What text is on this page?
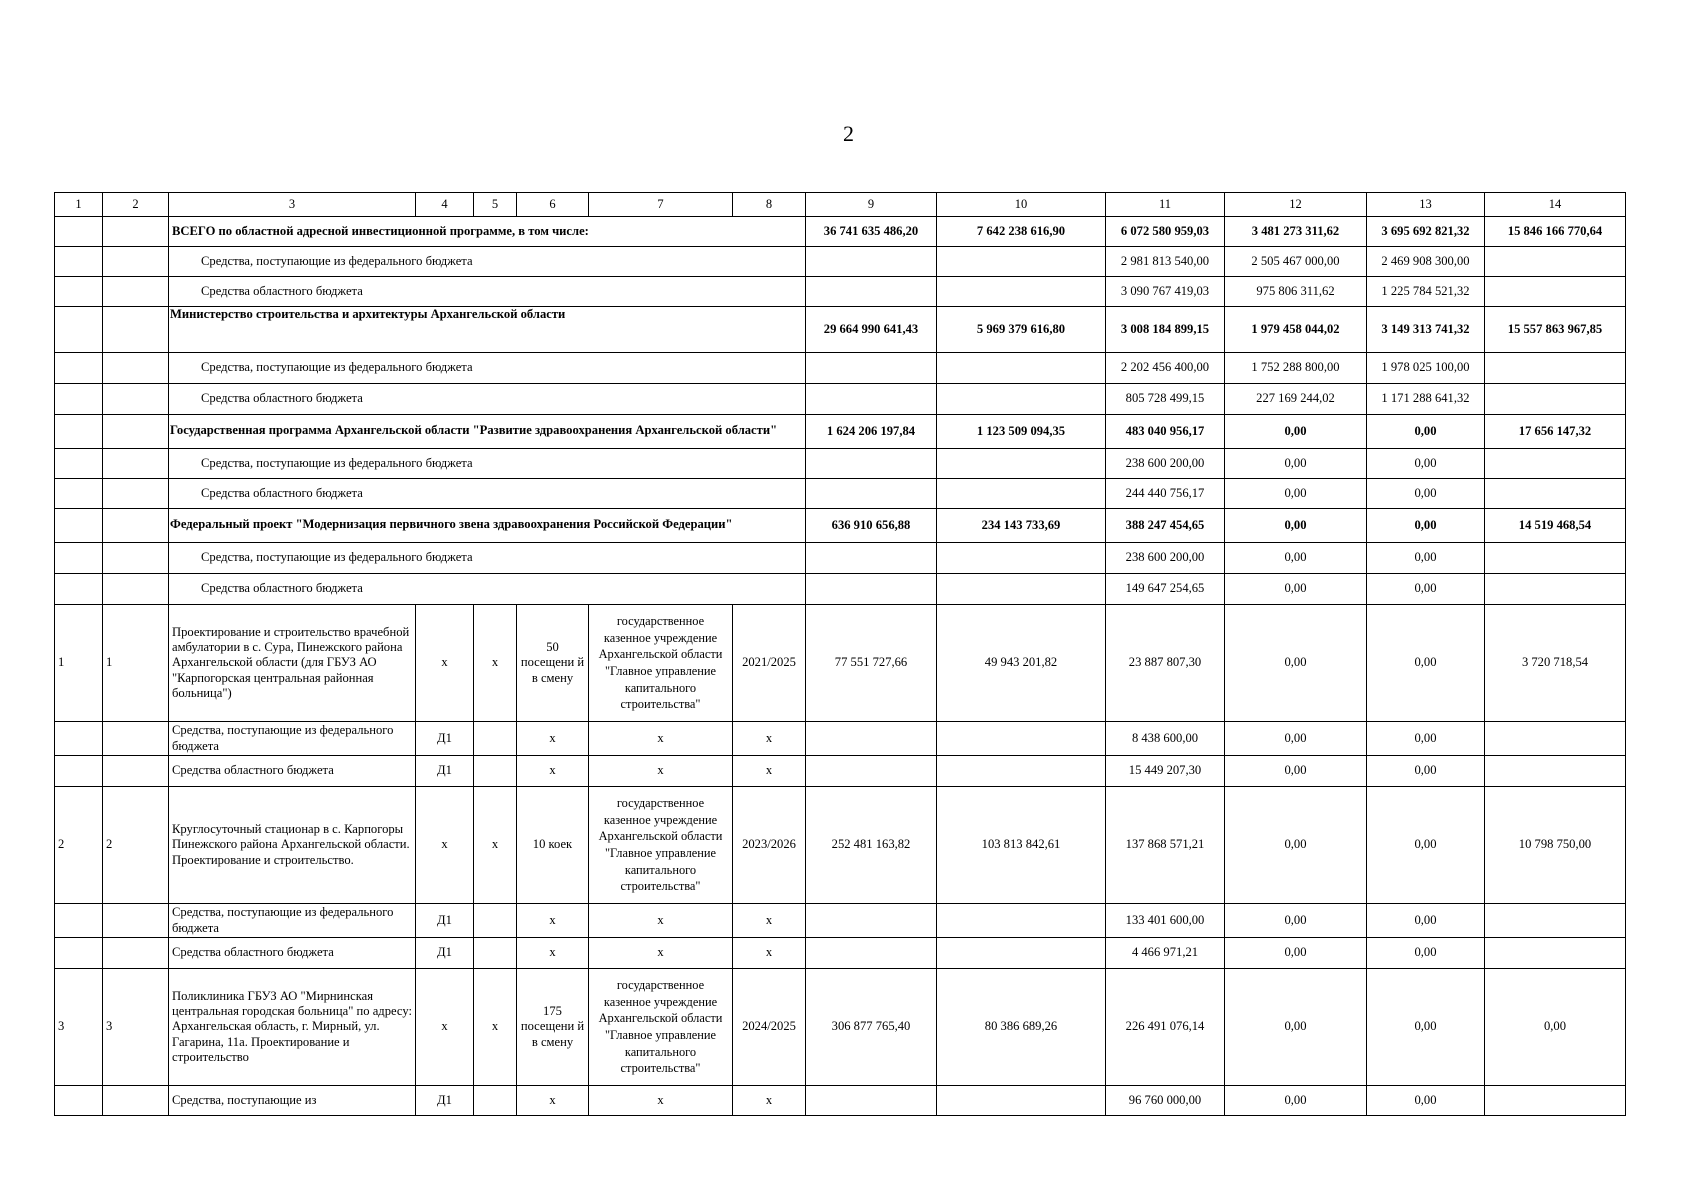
2
1	2	3	4	5	6	7	8	9	10	11	12	13	14
		ВСЕГО по областной адресной инвестиционной программе, в том числе:						36 741 635 486,20	7 642 238 616,90	6 072 580 959,03	3 481 273 311,62	3 695 692 821,32	15 846 166 770,64
		Средства, поступающие из федерального бюджета								2 981 813 540,00	2 505 467 000,00	2 469 908 300,00	
		Средства областного бюджета								3 090 767 419,03	975 806 311,62	1 225 784 521,32	
		Министерство строительства и архитектуры Архангельской области						29 664 990 641,43	5 969 379 616,80	3 008 184 899,15	1 979 458 044,02	3 149 313 741,32	15 557 863 967,85
		Средства, поступающие из федерального бюджета								2 202 456 400,00	1 752 288 800,00	1 978 025 100,00	
		Средства областного бюджета								805 728 499,15	227 169 244,02	1 171 288 641,32	
		Государственная программа Архангельской области "Развитие здравоохранения Архангельской области"						1 624 206 197,84	1 123 509 094,35	483 040 956,17	0,00	0,00	17 656 147,32
		Средства, поступающие из федерального бюджета								238 600 200,00	0,00	0,00	
		Средства областного бюджета								244 440 756,17	0,00	0,00	
		Федеральный проект "Модернизация первичного звена здравоохранения Российской Федерации"						636 910 656,88	234 143 733,69	388 247 454,65	0,00	0,00	14 519 468,54
		Средства, поступающие из федерального бюджета								238 600 200,00	0,00	0,00	
		Средства областного бюджета								149 647 254,65	0,00	0,00	
1	1	Проектирование и строительство врачебной амбулатории в с. Сура, Пинежского района Архангельской области (для ГБУЗ АО "Карпогорская центральная районная больница")	х	х	50 посещени й в смену	государственное казенное учреждение Архангельской области "Главное управление капитального строительства"	2021/2025	77 551 727,66	49 943 201,82	23 887 807,30	0,00	0,00	3 720 718,54
		Средства, поступающие из федерального бюджета	Д1		х	х	х			8 438 600,00	0,00	0,00	
		Средства областного бюджета	Д1		х	х	х			15 449 207,30	0,00	0,00	
2	2	Круглосуточный стационар в с. Карпогоры Пинежского района Архангельской области. Проектирование и строительство.	х	х	10 коек	государственное казенное учреждение Архангельской области "Главное управление капитального строительства"	2023/2026	252 481 163,82	103 813 842,61	137 868 571,21	0,00	0,00	10 798 750,00
		Средства, поступающие из федерального бюджета	Д1		х	х	х			133 401 600,00	0,00	0,00	
		Средства областного бюджета	Д1		х	х	х			4 466 971,21	0,00	0,00	
3	3	Поликлиника ГБУЗ АО "Мирнинская центральная городская больница" по адресу: Архангельская область, г. Мирный, ул. Гагарина, 11а. Проектирование и строительство	х	х	175 посещени й в смену	государственное казенное учреждение Архангельской области "Главное управление капитального строительства"	2024/2025	306 877 765,40	80 386 689,26	226 491 076,14	0,00	0,00	0,00
		Средства, поступающие из	Д1		х	х	х			96 760 000,00	0,00	0,00	
